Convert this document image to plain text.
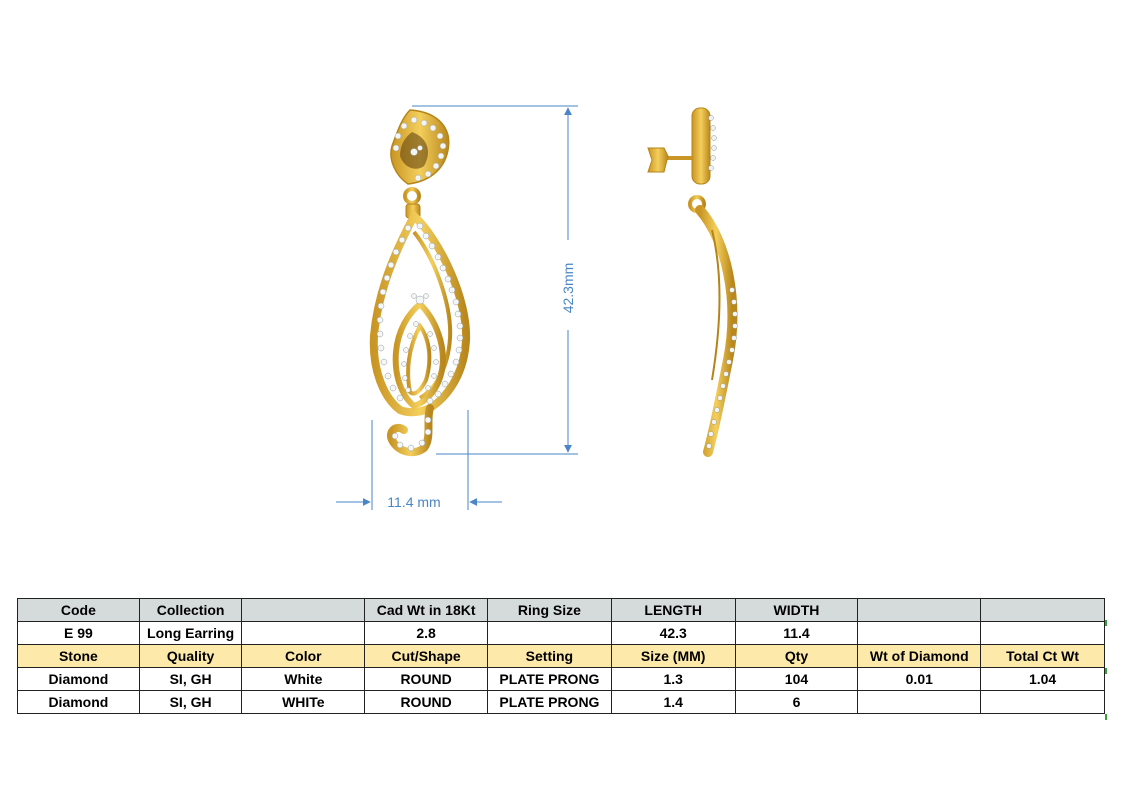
42.3mm
11.4 mm
Code	Collection		Cad Wt in 18Kt	Ring Size	LENGTH	WIDTH		
E 99	Long Earring		2.8		42.3	11.4		
Stone	Quality	Color	Cut/Shape	Setting	Size (MM)	Qty	Wt of Diamond	Total Ct Wt
Diamond	SI, GH	White	ROUND	PLATE PRONG	1.3	104	0.01	1.04
Diamond	SI, GH	WHITe	ROUND	PLATE PRONG	1.4	6		
